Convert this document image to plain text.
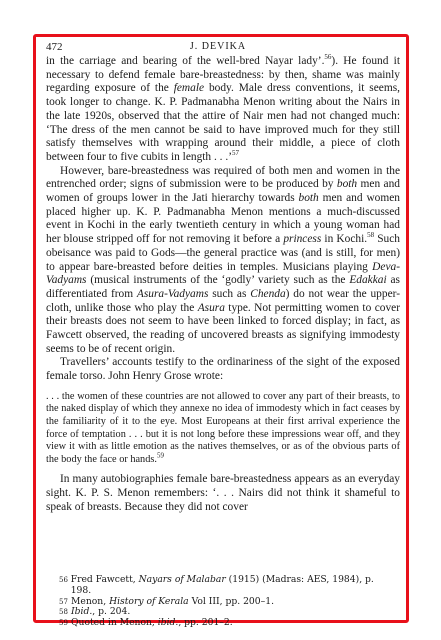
472	J. DEVIKA

in the carriage and bearing of the well-bred Nayar lady’.$^{56}$). He found it necessary to defend female bare-breastedness: by then, shame was mainly regarding exposure of the female body. Male dress conventions, it seems, took longer to change. K. P. Padmanabha Menon writing about the Nairs in the late 1920s, observed that the attire of Nair men had not changed much: ‘The dress of the men cannot be said to have improved much for they still satisfy themselves with wrapping around their middle, a piece of cloth between four to five cubits in length . . .’$^{57}$

However, bare-breastedness was required of both men and women in the entrenched order; signs of submission were to be produced by both men and women of groups lower in the Jati hierarchy towards both men and women placed higher up. K. P. Padmanabha Menon mentions a much-discussed event in Kochi in the early twentieth century in which a young woman had her blouse stripped off for not removing it before a princess in Kochi.$^{58}$ Such obeisance was paid to Gods—the general practice was (and is still, for men) to appear bare-breasted before deities in temples. Musicians playing Deva-Vadyams (musical instruments of the ‘godly’ variety such as the Edakkai as differentiated from Asura-Vadyams such as Chenda) do not wear the upper-cloth, unlike those who play the Asura type. Not permitting women to cover their breasts does not seem to have been linked to forced display; in fact, as Fawcett observed, the reading of uncovered breasts as signifying immodesty seems to be of recent origin.

Travellers’ accounts testify to the ordinariness of the sight of the exposed female torso. John Henry Grose wrote:

. . . the women of these countries are not allowed to cover any part of their breasts, to the naked display of which they annexe no idea of immodesty which in fact ceases by the familiarity of it to the eye. Most Europeans at their first arrival experience the force of temptation . . . but it is not long before these impressions wear off, and they view it with as little emotion as the natives themselves, or as of the obvious parts of the body the face or hands.$^{59}$

In many autobiographies female bare-breastedness appears as an everyday sight. K. P. S. Menon remembers: ‘. . . Nairs did not think it shameful to speak of breasts. Because they did not cover

56 Fred Fawcett, Nayars of Malabar (1915) (Madras: AES, 1984), p. 198.
57 Menon, History of Kerala Vol III, pp. 200–1.
58 Ibid., p. 204.
59 Quoted in Menon, ibid., pp. 201–2.
